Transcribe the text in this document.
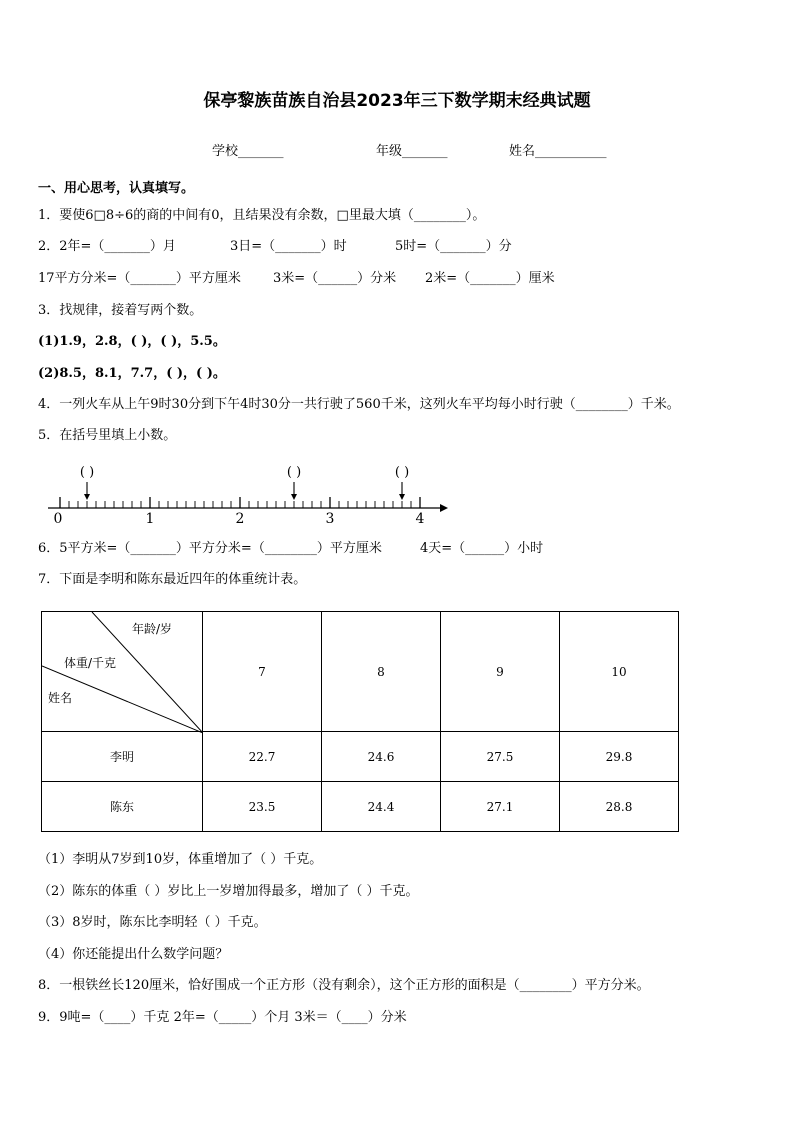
保亭黎族苗族自治县2023年三下数学期末经典试题
学校_______	年级_______	姓名___________
一、用心思考，认真填写。
1．要使6□8÷6的商的中间有0，且结果没有余数，□里最大填（________）。
2．2年=（_______）月	3日=（_______）时	5时=（_______）分
17平方分米=（_______）平方厘米 3米=（______）分米 2米=（_______）厘米
3．找规律，接着写两个数。
(1)1.9，2.8，( )，( )，5.5。
(2)8.5，8.1，7.7，( )，( )。
4．一列火车从上午9时30分到下午4时30分一共行驶了560千米，这列火车平均每小时行驶（________）千米。
5．在括号里填上小数。
( )	( )	( )
0	1	2	3	4
6．5平方米=（_______）平方分米=（________）平方厘米	4天=（______）小时
7．下面是李明和陈东最近四年的体重统计表。
年龄/岁
体重/千克
姓名	7	8	9	10
李明	22.7	24.6	27.5	29.8
陈东	23.5	24.4	27.1	28.8
（1）李明从7岁到10岁，体重增加了（ ）千克。
（2）陈东的体重（ ）岁比上一岁增加得最多，增加了（ ）千克。
（3）8岁时，陈东比李明轻（ ）千克。
（4）你还能提出什么数学问题？
8．一根铁丝长120厘米，恰好围成一个正方形（没有剩余），这个正方形的面积是（________）平方分米。
9．9吨=（____）千克 2年=（_____）个月 3米＝（____）分米
